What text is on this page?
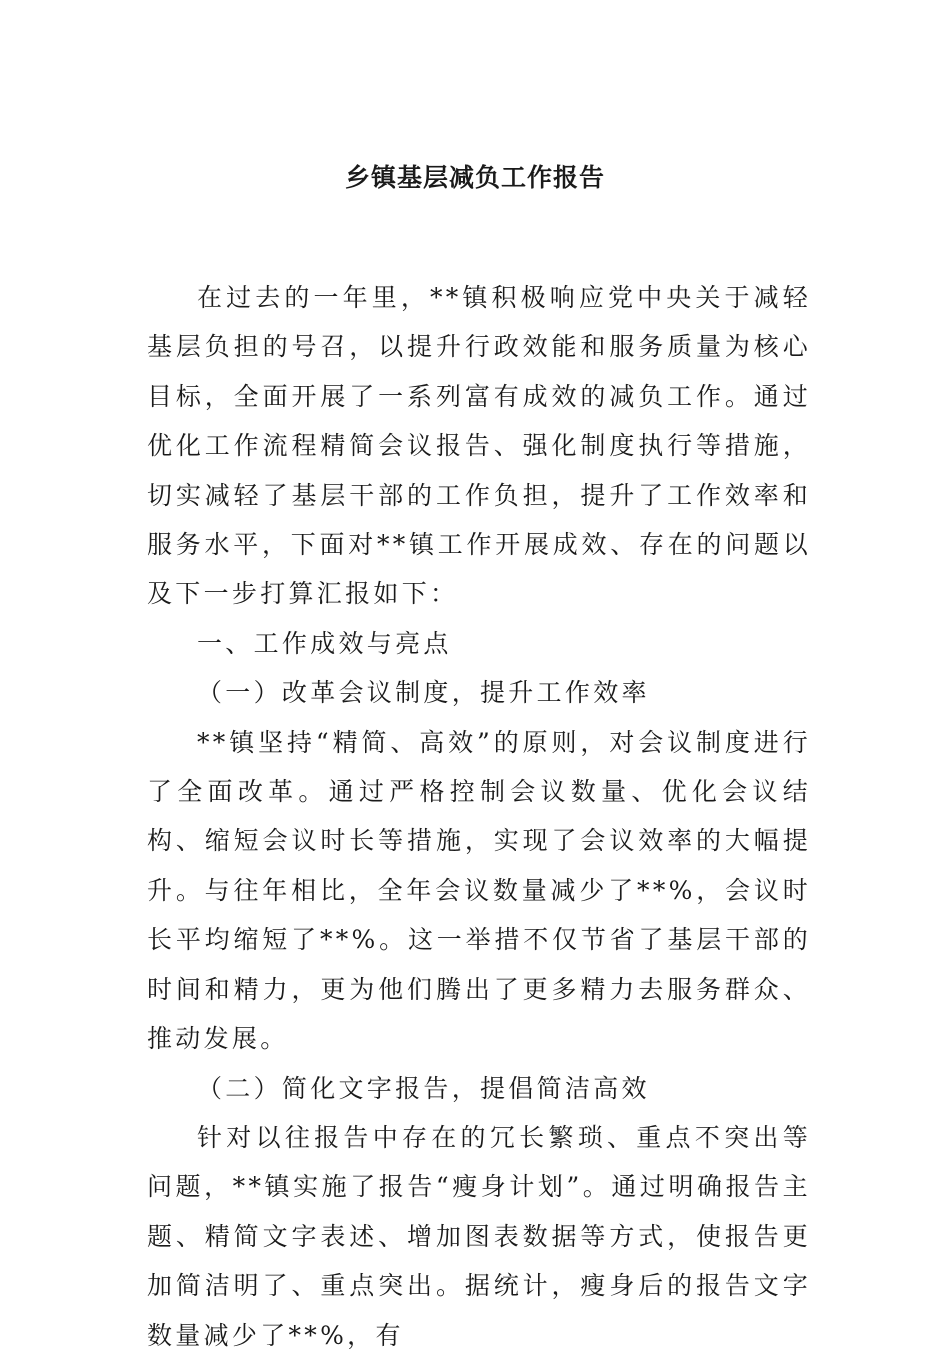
乡镇基层减负工作报告

在过去的一年里，**镇积极响应党中央关于减轻基层负担的号召，以提升行政效能和服务质量为核心目标，全面开展了一系列富有成效的减负工作。通过优化工作流程精简会议报告、强化制度执行等措施，切实减轻了基层干部的工作负担，提升了工作效率和服务水平，下面对**镇工作开展成效、存在的问题以及下一步打算汇报如下：

一、工作成效与亮点

（一）改革会议制度，提升工作效率

**镇坚持“精简、高效”的原则，对会议制度进行了全面改革。通过严格控制会议数量、优化会议结构、缩短会议时长等措施，实现了会议效率的大幅提升。与往年相比，全年会议数量减少了**%，会议时长平均缩短了**%。这一举措不仅节省了基层干部的时间和精力，更为他们腾出了更多精力去服务群众、推动发展。

（二）简化文字报告，提倡简洁高效

针对以往报告中存在的冗长繁琐、重点不突出等问题，**镇实施了报告“瘦身计划”。通过明确报告主题、精简文字表述、增加图表数据等方式，使报告更加简洁明了、重点突出。据统计，瘦身后的报告文字数量减少了**%，有
